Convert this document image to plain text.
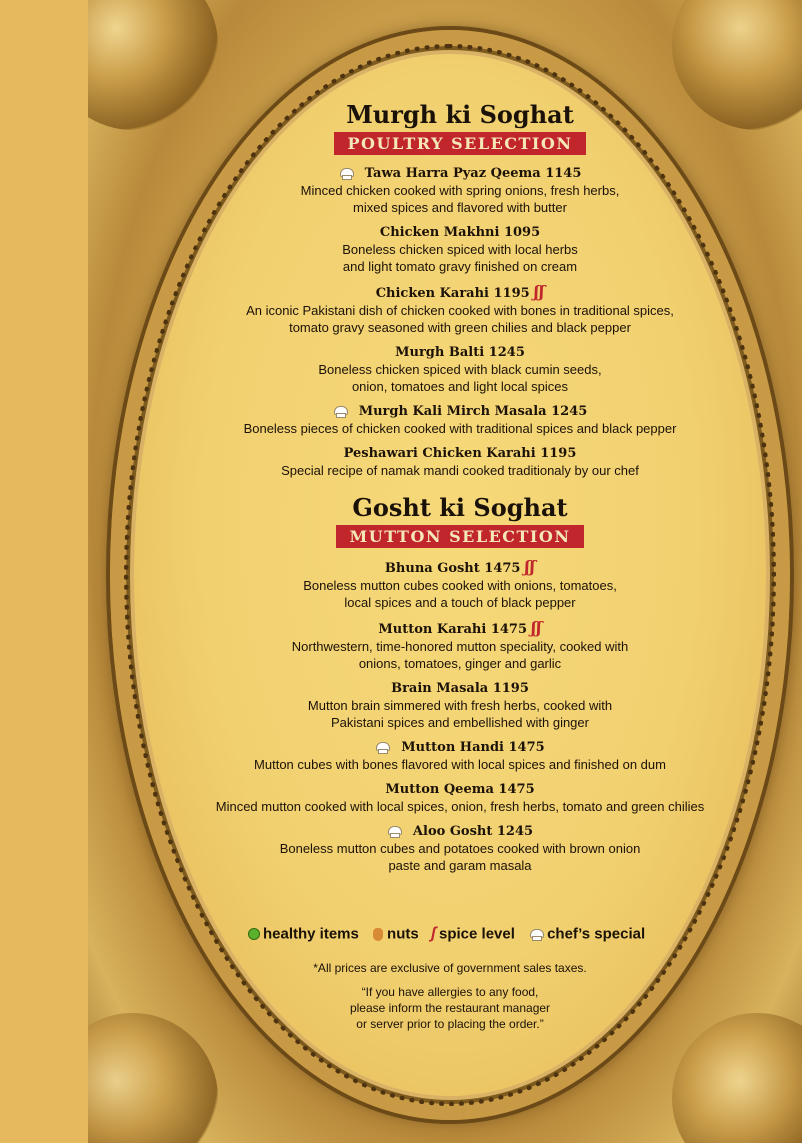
Murgh ki Soghat
POULTRY SELECTION
Tawa Harra Pyaz Qeema 1145
Minced chicken cooked with spring onions, fresh herbs,
mixed spices and flavored with butter
Chicken Makhni 1095
Boneless chicken spiced with local herbs
and light tomato gravy finished on cream
Chicken Karahi 1195 ʃʃ
An iconic Pakistani dish of chicken cooked with bones in traditional spices,
tomato gravy seasoned with green chilies and black pepper
Murgh Balti 1245
Boneless chicken spiced with black cumin seeds,
onion, tomatoes and light local spices
Murgh Kali Mirch Masala 1245
Boneless pieces of chicken cooked with traditional spices and black pepper
Peshawari Chicken Karahi 1195
Special recipe of namak mandi cooked traditionaly by our chef
Gosht ki Soghat
MUTTON SELECTION
Bhuna Gosht 1475 ʃʃ
Boneless mutton cubes cooked with onions, tomatoes,
local spices and a touch of black pepper
Mutton Karahi 1475 ʃʃ
Northwestern, time-honored mutton speciality, cooked with
onions, tomatoes, ginger and garlic
Brain Masala 1195
Mutton brain simmered with fresh herbs, cooked with
Pakistani spices and embellished with ginger
Mutton Handi 1475
Mutton cubes with bones flavored with local spices and finished on dum
Mutton Qeema 1475
Minced mutton cooked with local spices, onion, fresh herbs, tomato and green chilies
Aloo Gosht 1245
Boneless mutton cubes and potatoes cooked with brown onion
paste and garam masala
healthy items nuts ʃ spice level chef’s special
*All prices are exclusive of government sales taxes.
“If you have allergies to any food,
please inform the restaurant manager
or server prior to placing the order.”
